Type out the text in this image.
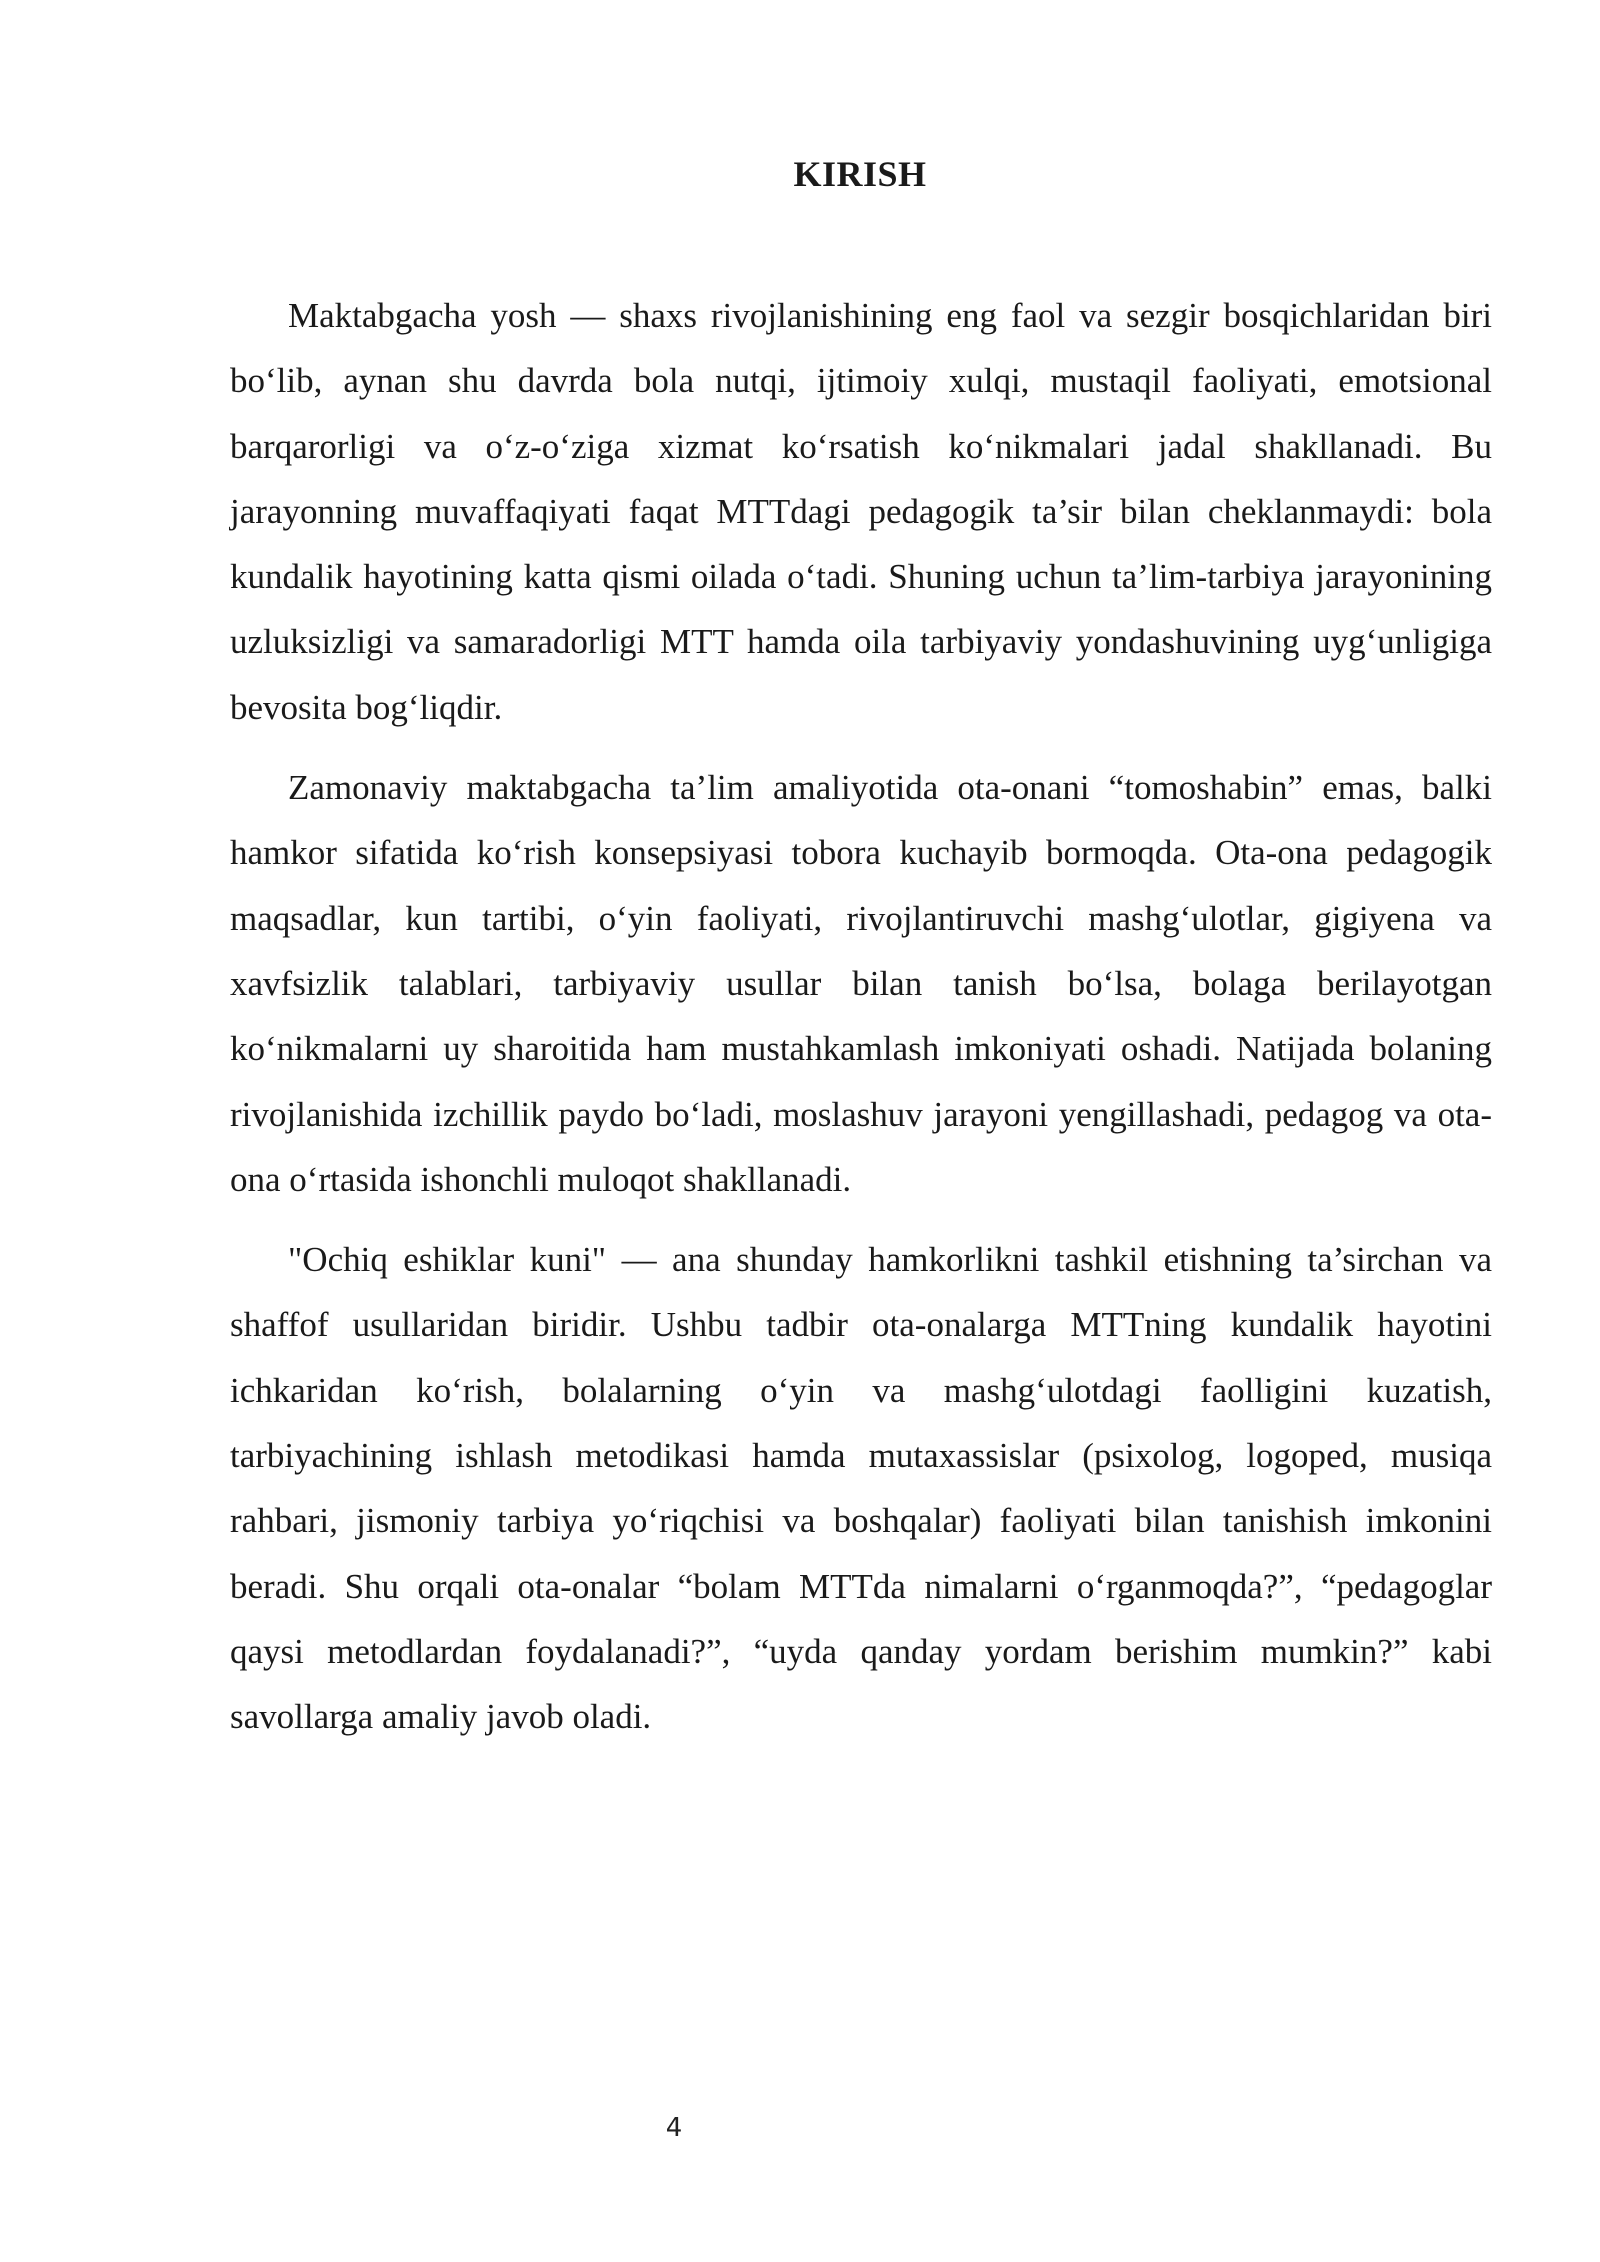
KIRISH

Maktabgacha yosh — shaxs rivojlanishining eng faol va sezgir bosqichlaridan biri bo‘lib, aynan shu davrda bola nutqi, ijtimoiy xulqi, mustaqil faoliyati, emotsional barqarorligi va o‘z-o‘ziga xizmat ko‘rsatish ko‘nikmalari jadal shakllanadi. Bu jarayonning muvaffaqiyati faqat MTTdagi pedagogik ta’sir bilan cheklanmaydi: bola kundalik hayotining katta qismi oilada o‘tadi. Shuning uchun ta’lim-tarbiya jarayonining uzluksizligi va samaradorligi MTT hamda oila tarbiyaviy yondashuvining uyg‘unligiga bevosita bog‘liqdir.

Zamonaviy maktabgacha ta’lim amaliyotida ota-onani “tomoshabin” emas, balki hamkor sifatida ko‘rish konsepsiyasi tobora kuchayib bormoqda. Ota-ona pedagogik maqsadlar, kun tartibi, o‘yin faoliyati, rivojlantiruvchi mashg‘ulotlar, gigiyena va xavfsizlik talablari, tarbiyaviy usullar bilan tanish bo‘lsa, bolaga berilayotgan ko‘nikmalarni uy sharoitida ham mustahkamlash imkoniyati oshadi. Natijada bolaning rivojlanishida izchillik paydo bo‘ladi, moslashuv jarayoni yengillashadi, pedagog va ota-ona o‘rtasida ishonchli muloqot shakllanadi.

"Ochiq eshiklar kuni" — ana shunday hamkorlikni tashkil etishning ta’sirchan va shaffof usullaridan biridir. Ushbu tadbir ota-onalarga MTTning kundalik hayotini ichkaridan ko‘rish, bolalarning o‘yin va mashg‘ulotdagi faolligini kuzatish, tarbiyachining ishlash metodikasi hamda mutaxassislar (psixolog, logoped, musiqa rahbari, jismoniy tarbiya yo‘riqchisi va boshqalar) faoliyati bilan tanishish imkonini beradi. Shu orqali ota-onalar “bolam MTTda nimalarni o‘rganmoqda?”, “pedagoglar qaysi metodlardan foydalanadi?”, “uyda qanday yordam berishim mumkin?” kabi savollarga amaliy javob oladi.

4
